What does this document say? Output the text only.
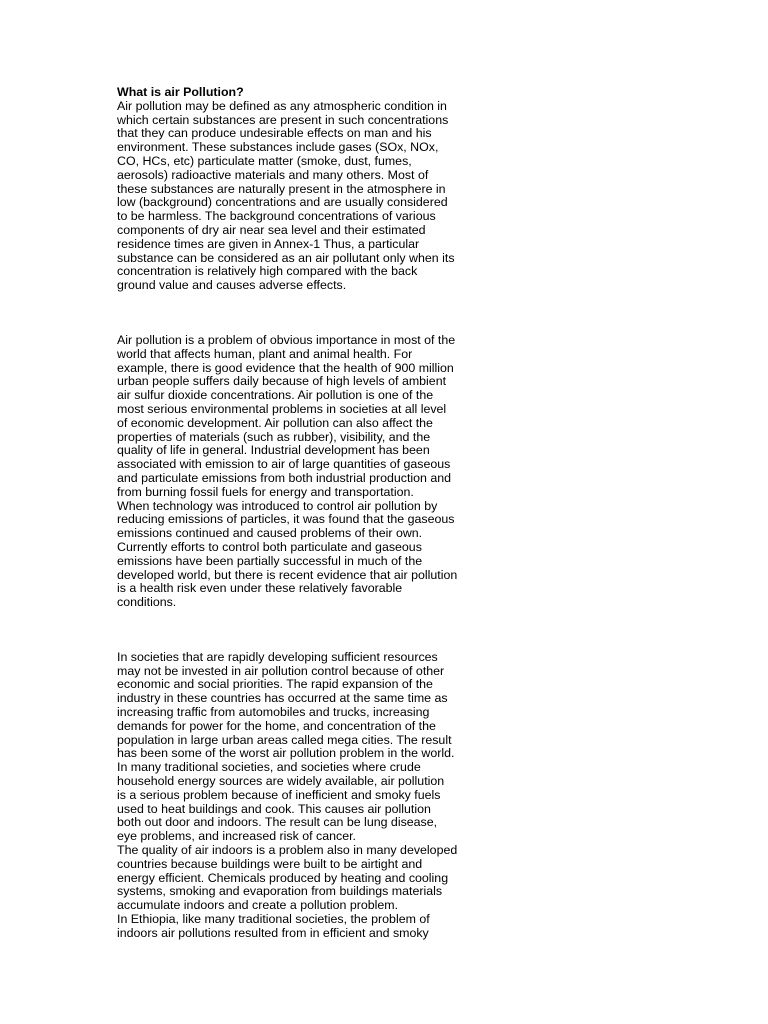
What is air Pollution?

Air pollution may be defined as any atmospheric condition in
which certain substances are present in such concentrations
that they can produce undesirable effects on man and his
environment. These substances include gases (SOx, NOx,
CO, HCs, etc) particulate matter (smoke, dust, fumes,
aerosols) radioactive materials and many others. Most of
these substances are naturally present in the atmosphere in
low (background) concentrations and are usually considered
to be harmless. The background concentrations of various
components of dry air near sea level and their estimated
residence times are given in Annex-1 Thus, a particular
substance can be considered as an air pollutant only when its
concentration is relatively high compared with the back
ground value and causes adverse effects.

Air pollution is a problem of obvious importance in most of the
world that affects human, plant and animal health. For
example, there is good evidence that the health of 900 million
urban people suffers daily because of high levels of ambient
air sulfur dioxide concentrations. Air pollution is one of the
most serious environmental problems in societies at all level
of economic development. Air pollution can also affect the
properties of materials (such as rubber), visibility, and the
quality of life in general. Industrial development has been
associated with emission to air of large quantities of gaseous
and particulate emissions from both industrial production and
from burning fossil fuels for energy and transportation.

When technology was introduced to control air pollution by
reducing emissions of particles, it was found that the gaseous
emissions continued and caused problems of their own.
Currently efforts to control both particulate and gaseous
emissions have been partially successful in much of the
developed world, but there is recent evidence that air pollution
is a health risk even under these relatively favorable
conditions.

In societies that are rapidly developing sufficient resources
may not be invested in air pollution control because of other
economic and social priorities. The rapid expansion of the
industry in these countries has occurred at the same time as
increasing traffic from automobiles and trucks, increasing
demands for power for the home, and concentration of the
population in large urban areas called mega cities. The result
has been some of the worst air pollution problem in the world.

In many traditional societies, and societies where crude
household energy sources are widely available, air pollution
is a serious problem because of inefficient and smoky fuels
used to heat buildings and cook. This causes air pollution
both out door and indoors. The result can be lung disease,
eye problems, and increased risk of cancer.

The quality of air indoors is a problem also in many developed
countries because buildings were built to be airtight and
energy efficient. Chemicals produced by heating and cooling
systems, smoking and evaporation from buildings materials
accumulate indoors and create a pollution problem.

In Ethiopia, like many traditional societies, the problem of
indoors air pollutions resulted from in efficient and smoky
